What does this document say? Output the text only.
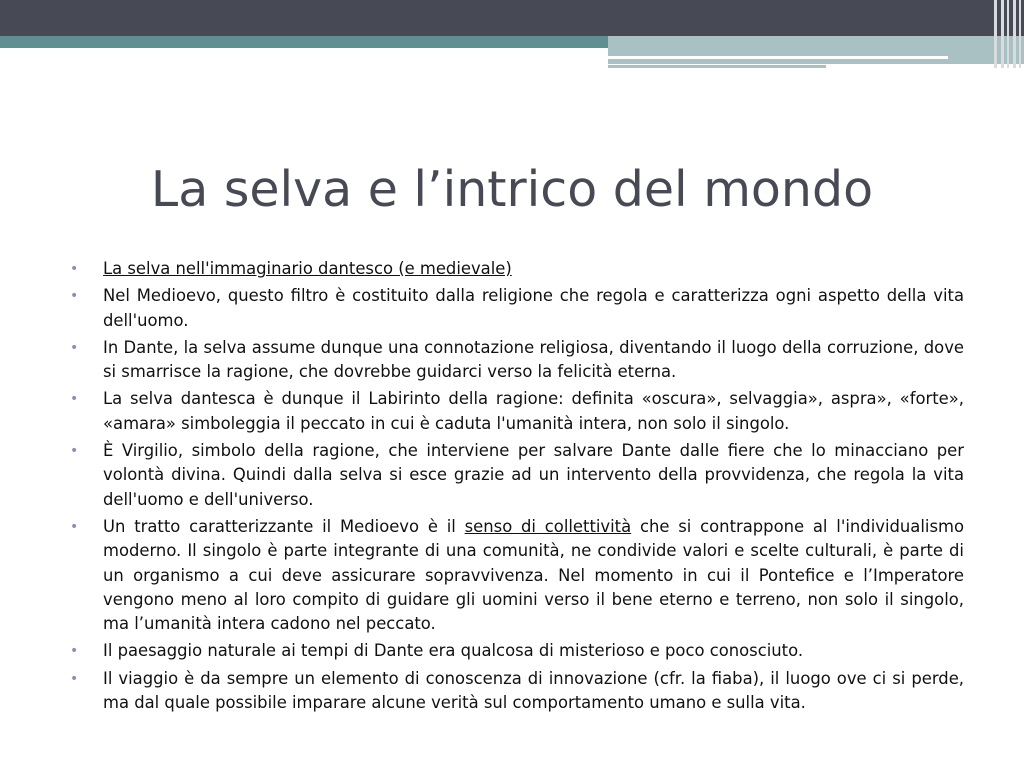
La selva e l’intrico del mondo
• La selva nell'immaginario dantesco (e medievale)
• Nel Medioevo, questo filtro è costituito dalla religione che regola e caratterizza ogni aspetto della vita dell'uomo.
• In Dante, la selva assume dunque una connotazione religiosa, diventando il luogo della corruzione, dove si smarrisce la ragione, che dovrebbe guidarci verso la felicità eterna.
• La selva dantesca è dunque il Labirinto della ragione: definita «oscura», selvaggia», aspra», «forte», «amara» simboleggia il peccato in cui è caduta l'umanità intera, non solo il singolo.
• È Virgilio, simbolo della ragione, che interviene per salvare Dante dalle fiere che lo minacciano per volontà divina. Quindi dalla selva si esce grazie ad un intervento della provvidenza, che regola la vita dell'uomo e dell'universo.
• Un tratto caratterizzante il Medioevo è il senso di collettività che si contrappone al l'individualismo moderno. Il singolo è parte integrante di una comunità, ne condivide valori e scelte culturali, è parte di un organismo a cui deve assicurare sopravvivenza. Nel momento in cui il Pontefice e l’Imperatore vengono meno al loro compito di guidare gli uomini verso il bene eterno e terreno, non solo il singolo, ma l’umanità intera cadono nel peccato.
• Il paesaggio naturale ai tempi di Dante era qualcosa di misterioso e poco conosciuto.
• Il viaggio è da sempre un elemento di conoscenza di innovazione (cfr. la fiaba), il luogo ove ci si perde, ma dal quale possibile imparare alcune verità sul comportamento umano e sulla vita.
